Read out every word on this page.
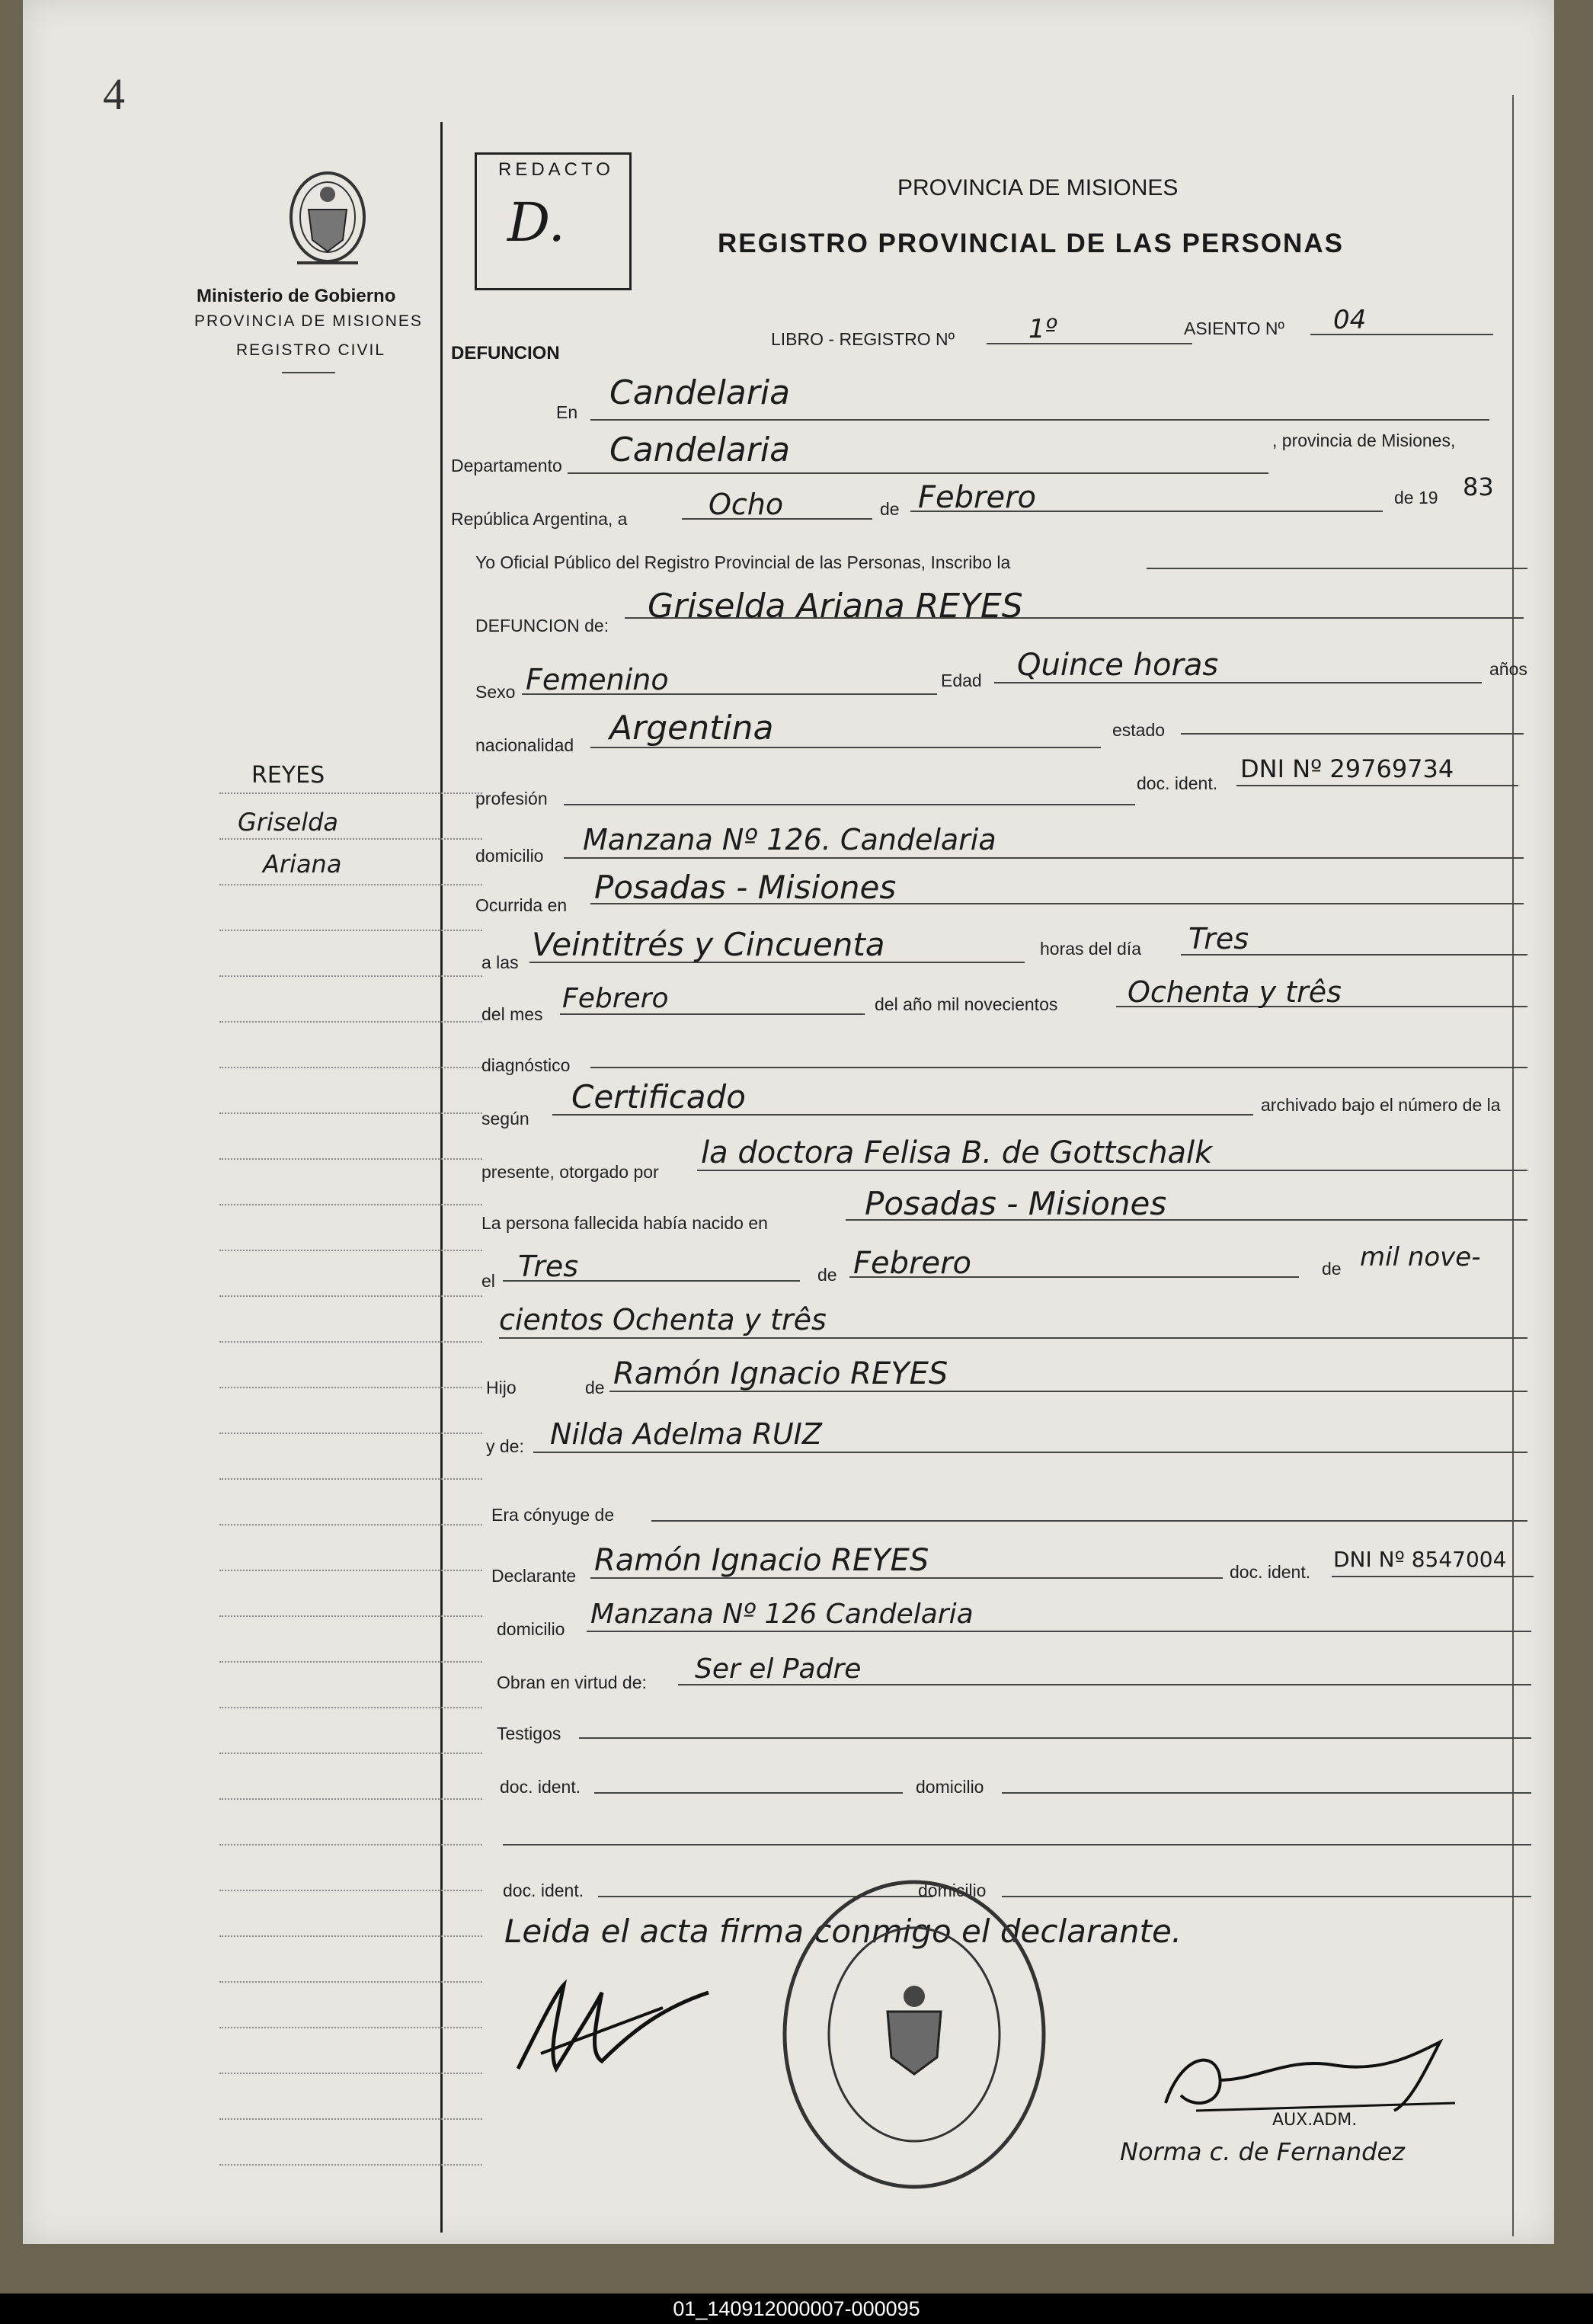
4
Ministerio de Gobierno
PROVINCIA DE MISIONES
REGISTRO CIVIL
REDACTO
D.
PROVINCIA DE MISIONES
REGISTRO PROVINCIAL DE LAS PERSONAS
DEFUNCION
LIBRO - REGISTRO Nº	1º	ASIENTO Nº 04
REYES
Griselda
Ariana
En Candelaria
Departamento Candelaria	, provincia de Misiones,
República Argentina, a	Ocho	de Febrero	de 19 83
Yo Oficial Público del Registro Provincial de las Personas, Inscribo la
DEFUNCION de: Griselda Ariana REYES
Sexo Femenino	Edad Quince horas	años
nacionalidad Argentina	estado
profesión
doc. ident. DNI Nº 29769734
domicilio Manzana Nº 126. Candelaria
Ocurrida en Posadas - Misiones
a las Veintitrés y Cincuenta	horas del día Tres
del mes Febrero	del año mil novecientos Ochenta y três
diagnóstico
según
Certificado	archivado bajo el número de la
presente, otorgado por
la doctora Felisa B. de Gottschalk
La persona fallecida había nacido en
Posadas - Misiones
el Tres	de Febrero	de mil nove-
cientos Ochenta y três
Hijo	de Ramón Ignacio REYES
y de: Nilda Adelma RUIZ
Era cónyuge de
Declarante Ramón Ignacio REYES	doc. ident. DNI Nº 8547004
domicilio Manzana Nº 126 Candelaria
Obran en virtud de: Ser el Padre
Testigos
doc. ident.	domicilio
doc. ident.	domicilio
Leida el acta firma conmigo el declarante.
AUX.ADM.
Norma c. de Fernandez
01_140912000007-000095
